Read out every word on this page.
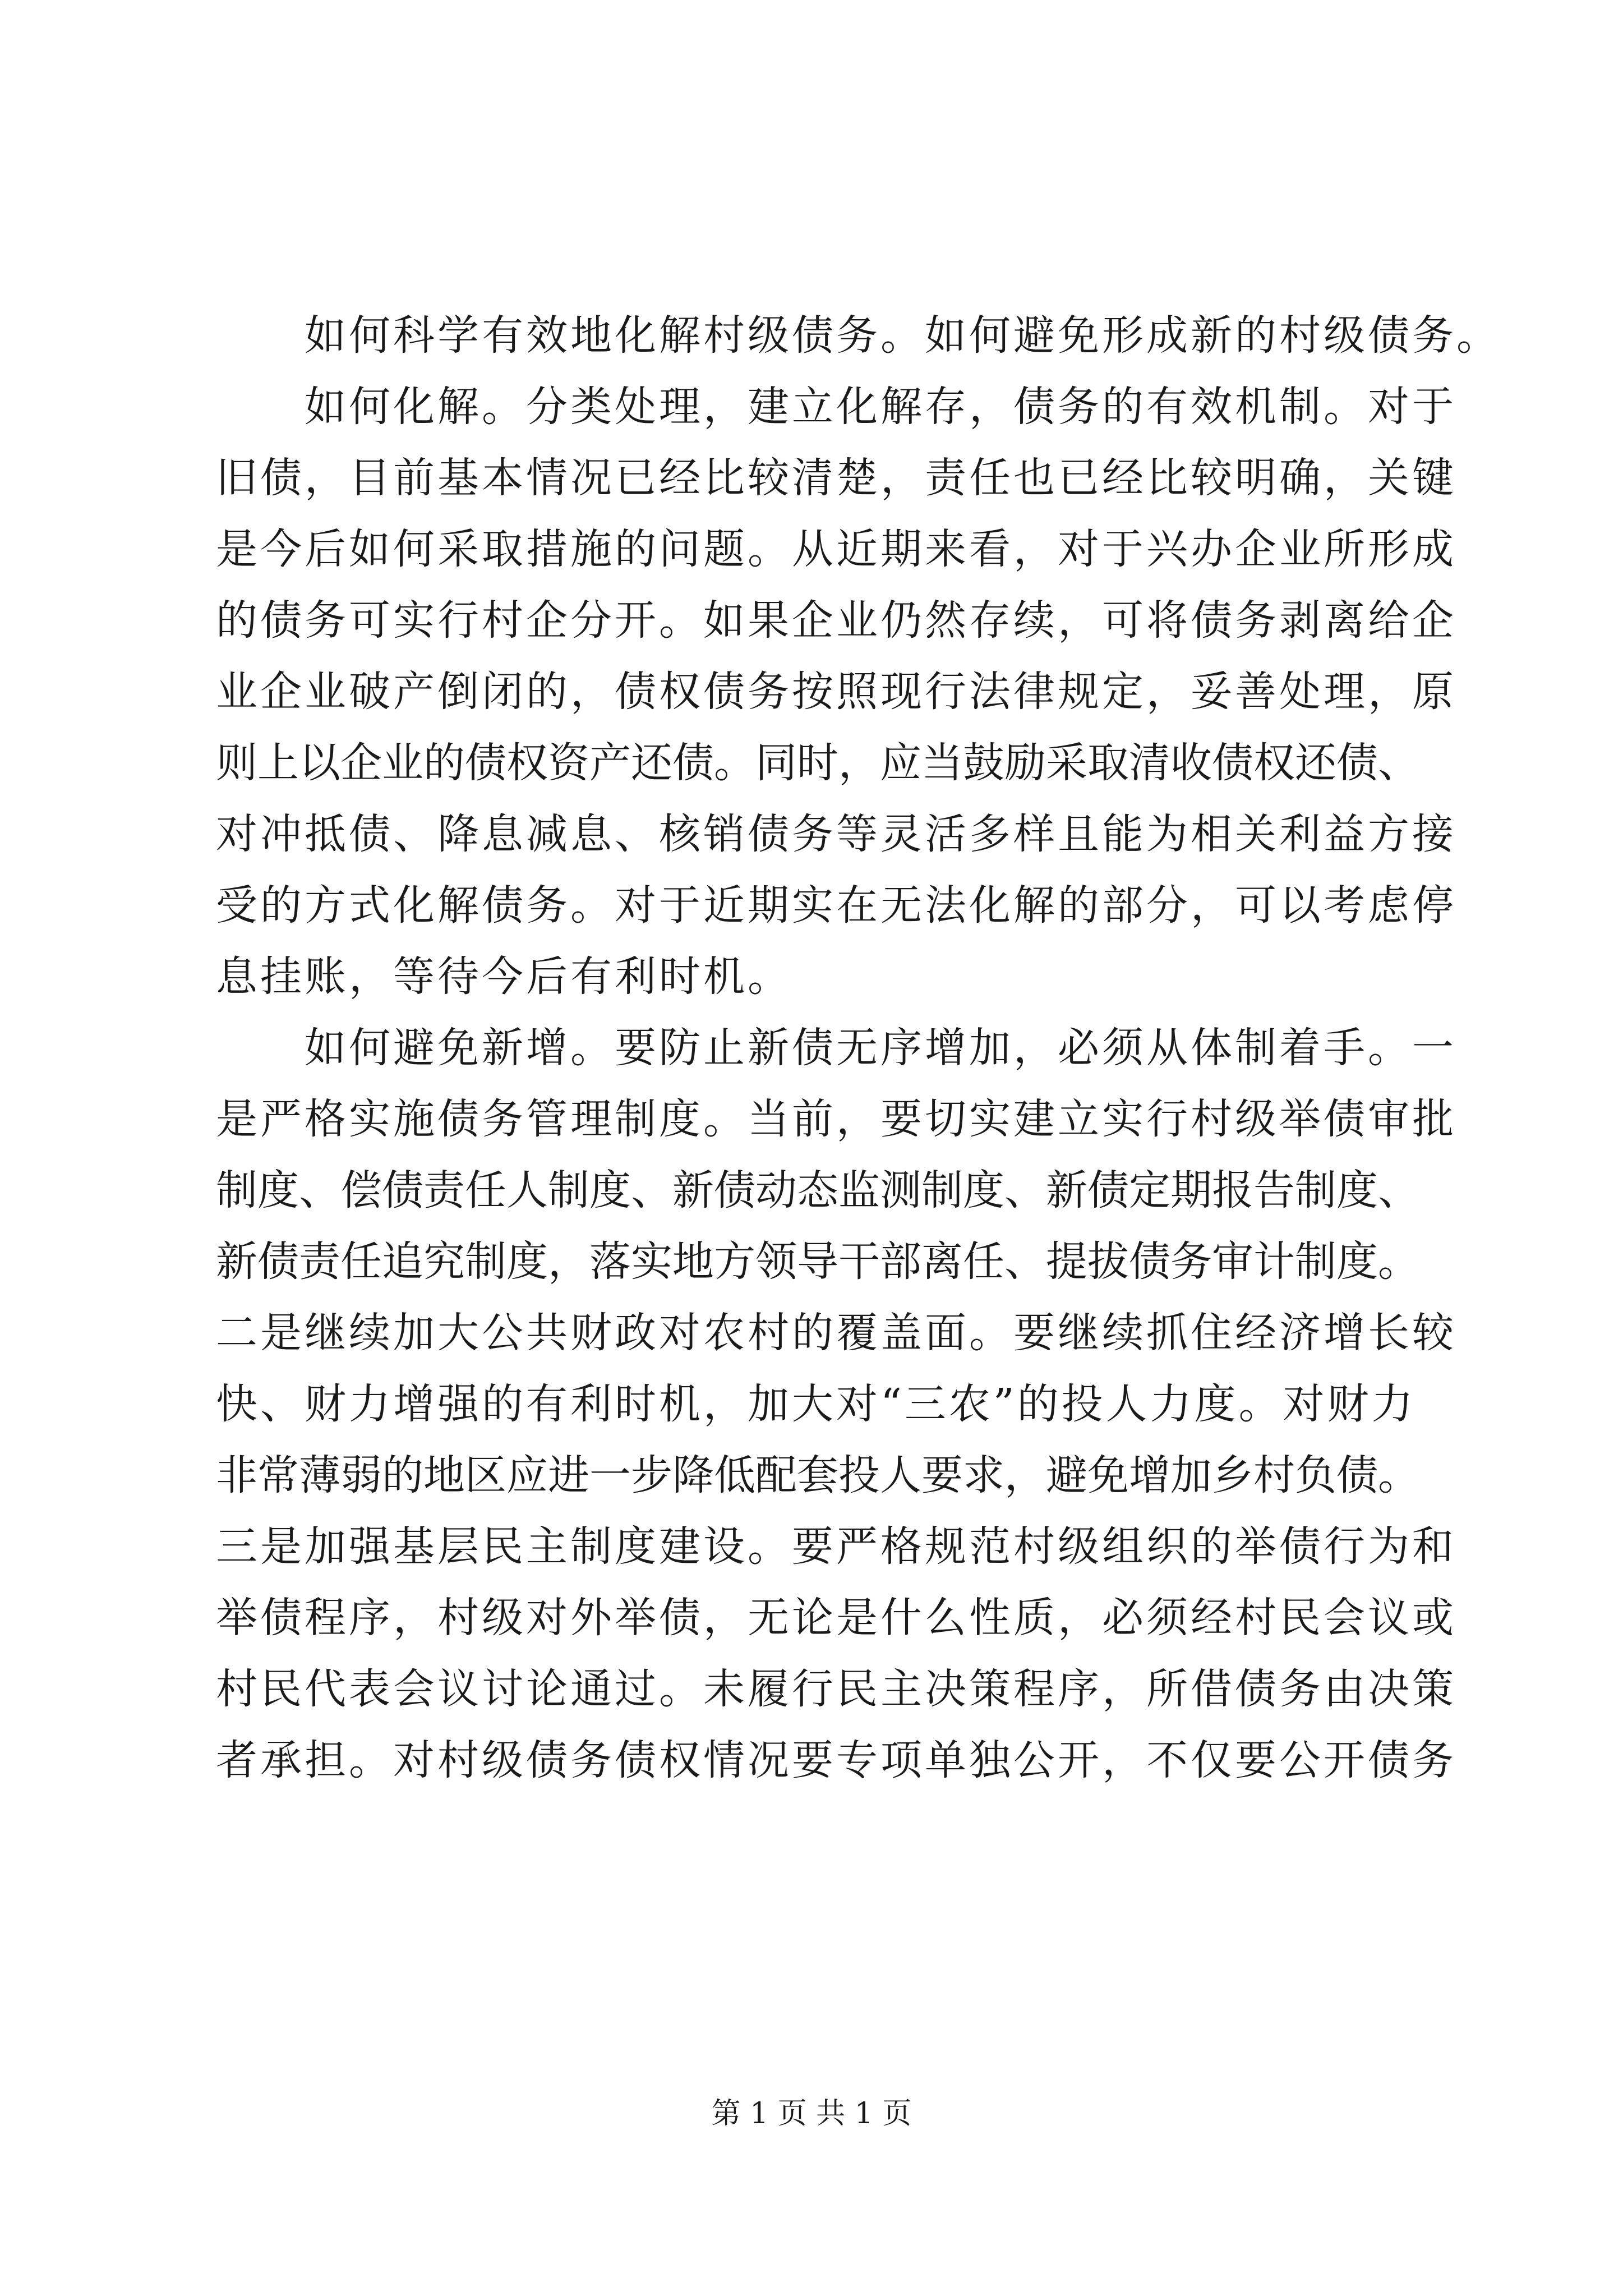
如何科学有效地化解村级债务。如何避免形成新的村级债务。
如何化解。分类处理，建立化解存，债务的有效机制。对于
旧债，目前基本情况已经比较清楚，责任也已经比较明确，关键
是今后如何采取措施的问题。从近期来看，对于兴办企业所形成
的债务可实行村企分开。如果企业仍然存续，可将债务剥离给企
业企业破产倒闭的，债权债务按照现行法律规定，妥善处理，原
则上以企业的债权资产还债。同时，应当鼓励采取清收债权还债、
对冲抵债、降息减息、核销债务等灵活多样且能为相关利益方接
受的方式化解债务。对于近期实在无法化解的部分，可以考虑停
息挂账，等待今后有利时机。
如何避免新增。要防止新债无序增加，必须从体制着手。一
是严格实施债务管理制度。当前，要切实建立实行村级举债审批
制度、偿债责任人制度、新债动态监测制度、新债定期报告制度、
新债责任追究制度，落实地方领导干部离任、提拔债务审计制度。
二是继续加大公共财政对农村的覆盖面。要继续抓住经济增长较
快、财力增强的有利时机，加大对“三农”的投人力度。对财力
非常薄弱的地区应进一步降低配套投人要求，避免增加乡村负债。
三是加强基层民主制度建设。要严格规范村级组织的举债行为和
举债程序，村级对外举债，无论是什么性质，必须经村民会议或
村民代表会议讨论通过。未履行民主决策程序，所借债务由决策
者承担。对村级债务债权情况要专项单独公开，不仅要公开债务
第 1 页 共 1 页
